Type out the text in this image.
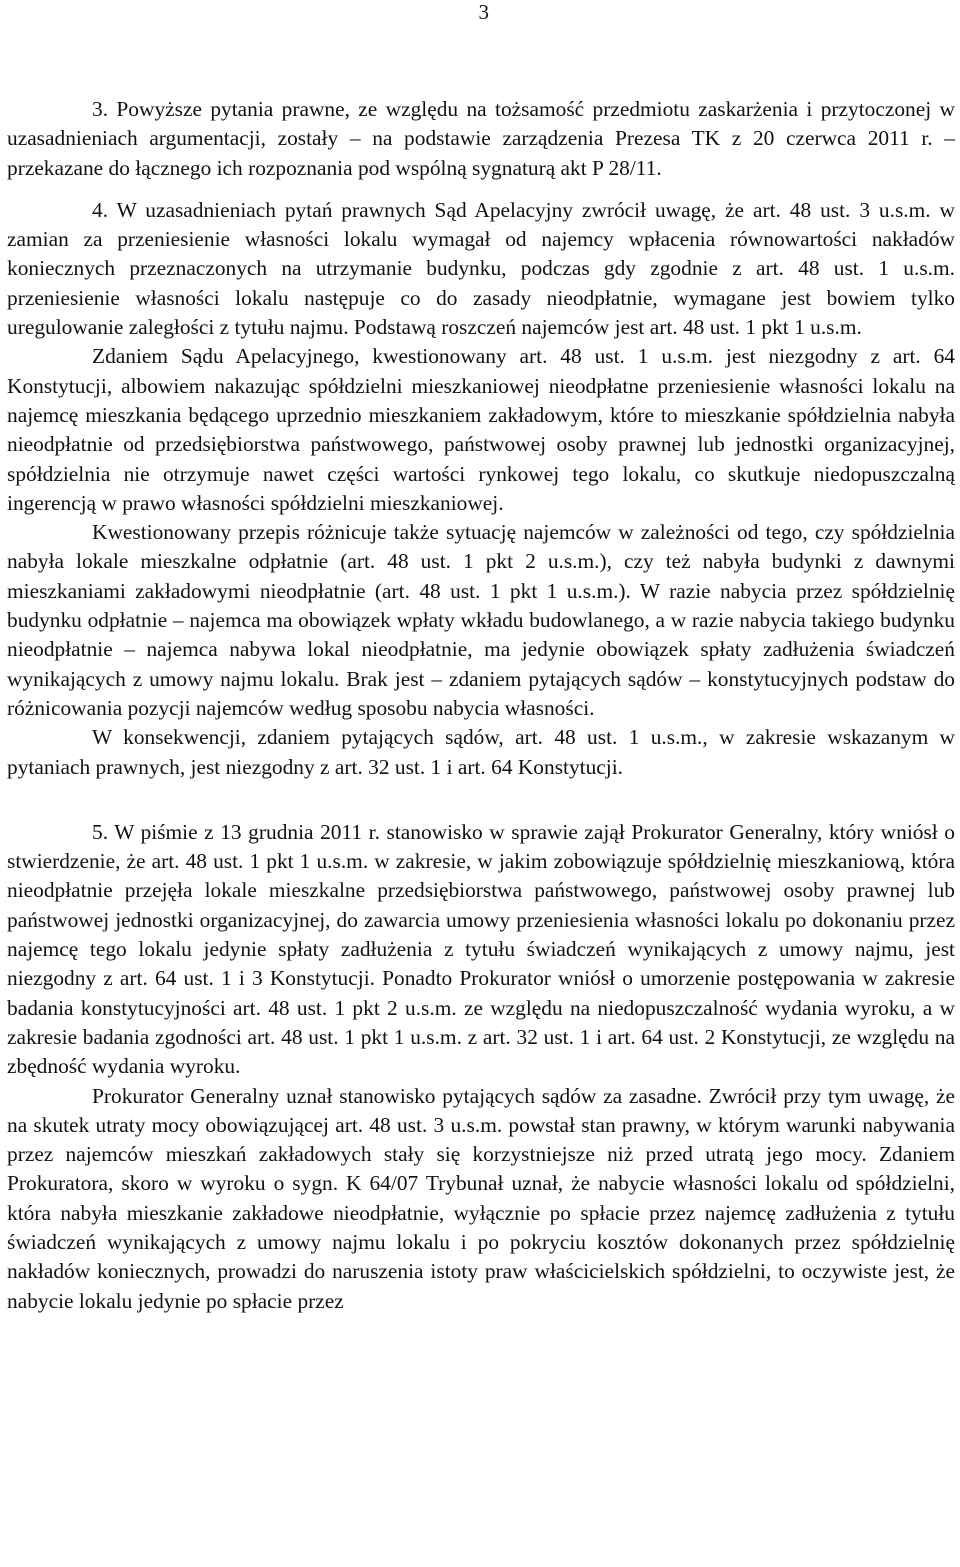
3

3. Powyższe pytania prawne, ze względu na tożsamość przedmiotu zaskarżenia i przytoczonej w uzasadnieniach argumentacji, zostały – na podstawie zarządzenia Prezesa TK z 20 czerwca 2011 r. – przekazane do łącznego ich rozpoznania pod wspólną sygnaturą akt P 28/11.

4. W uzasadnieniach pytań prawnych Sąd Apelacyjny zwrócił uwagę, że art. 48 ust. 3 u.s.m. w zamian za przeniesienie własności lokalu wymagał od najemcy wpłacenia równowartości nakładów koniecznych przeznaczonych na utrzymanie budynku, podczas gdy zgodnie z art. 48 ust. 1 u.s.m. przeniesienie własności lokalu następuje co do zasady nieodpłatnie, wymagane jest bowiem tylko uregulowanie zaległości z tytułu najmu. Podstawą roszczeń najemców jest art. 48 ust. 1 pkt 1 u.s.m.

Zdaniem Sądu Apelacyjnego, kwestionowany art. 48 ust. 1 u.s.m. jest niezgodny z art. 64 Konstytucji, albowiem nakazując spółdzielni mieszkaniowej nieodpłatne przeniesienie własności lokalu na najemcę mieszkania będącego uprzednio mieszkaniem zakładowym, które to mieszkanie spółdzielnia nabyła nieodpłatnie od przedsiębiorstwa państwowego, państwowej osoby prawnej lub jednostki organizacyjnej, spółdzielnia nie otrzymuje nawet części wartości rynkowej tego lokalu, co skutkuje niedopuszczalną ingerencją w prawo własności spółdzielni mieszkaniowej.

Kwestionowany przepis różnicuje także sytuację najemców w zależności od tego, czy spółdzielnia nabyła lokale mieszkalne odpłatnie (art. 48 ust. 1 pkt 2 u.s.m.), czy też nabyła budynki z dawnymi mieszkaniami zakładowymi nieodpłatnie (art. 48 ust. 1 pkt 1 u.s.m.). W razie nabycia przez spółdzielnię budynku odpłatnie – najemca ma obowiązek wpłaty wkładu budowlanego, a w razie nabycia takiego budynku nieodpłatnie – najemca nabywa lokal nieodpłatnie, ma jedynie obowiązek spłaty zadłużenia świadczeń wynikających z umowy najmu lokalu. Brak jest – zdaniem pytających sądów – konstytucyjnych podstaw do różnicowania pozycji najemców według sposobu nabycia własności.

W konsekwencji, zdaniem pytających sądów, art. 48 ust. 1 u.s.m., w zakresie wskazanym w pytaniach prawnych, jest niezgodny z art. 32 ust. 1 i art. 64 Konstytucji.

5. W piśmie z 13 grudnia 2011 r. stanowisko w sprawie zajął Prokurator Generalny, który wniósł o stwierdzenie, że art. 48 ust. 1 pkt 1 u.s.m. w zakresie, w jakim zobowiązuje spółdzielnię mieszkaniową, która nieodpłatnie przejęła lokale mieszkalne przedsiębiorstwa państwowego, państwowej osoby prawnej lub państwowej jednostki organizacyjnej, do zawarcia umowy przeniesienia własności lokalu po dokonaniu przez najemcę tego lokalu jedynie spłaty zadłużenia z tytułu świadczeń wynikających z umowy najmu, jest niezgodny z art. 64 ust. 1 i 3 Konstytucji. Ponadto Prokurator wniósł o umorzenie postępowania w zakresie badania konstytucyjności art. 48 ust. 1 pkt 2 u.s.m. ze względu na niedopuszczalność wydania wyroku, a w zakresie badania zgodności art. 48 ust. 1 pkt 1 u.s.m. z art. 32 ust. 1 i art. 64 ust. 2 Konstytucji, ze względu na zbędność wydania wyroku.

Prokurator Generalny uznał stanowisko pytających sądów za zasadne. Zwrócił przy tym uwagę, że na skutek utraty mocy obowiązującej art. 48 ust. 3 u.s.m. powstał stan prawny, w którym warunki nabywania przez najemców mieszkań zakładowych stały się korzystniejsze niż przed utratą jego mocy. Zdaniem Prokuratora, skoro w wyroku o sygn. K 64/07 Trybunał uznał, że nabycie własności lokalu od spółdzielni, która nabyła mieszkanie zakładowe nieodpłatnie, wyłącznie po spłacie przez najemcę zadłużenia z tytułu świadczeń wynikających z umowy najmu lokalu i po pokryciu kosztów dokonanych przez spółdzielnię nakładów koniecznych, prowadzi do naruszenia istoty praw właścicielskich spółdzielni, to oczywiste jest, że nabycie lokalu jedynie po spłacie przez
